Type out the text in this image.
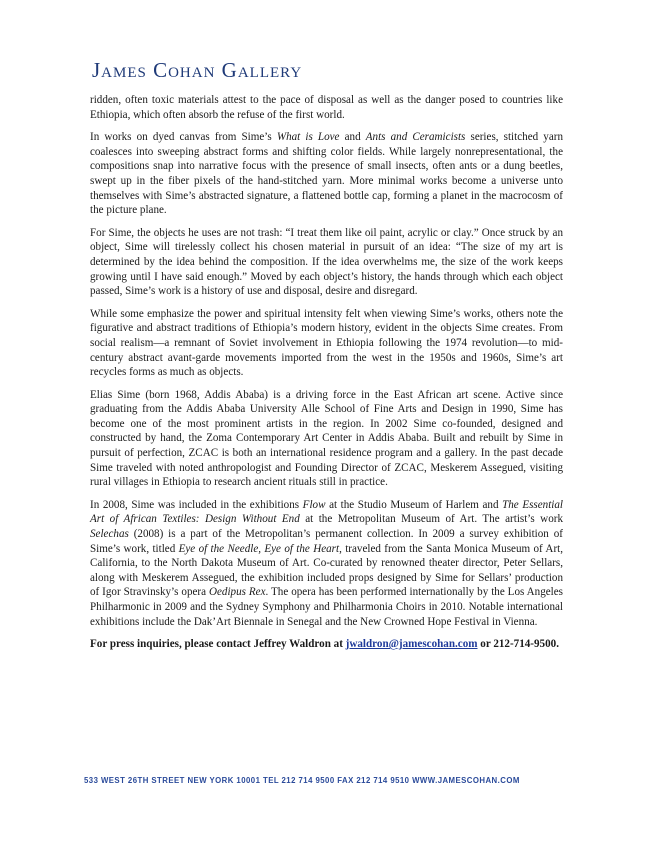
James Cohan Gallery

ridden, often toxic materials attest to the pace of disposal as well as the danger posed to countries like Ethiopia, which often absorb the refuse of the first world.

In works on dyed canvas from Sime’s What is Love and Ants and Ceramicists series, stitched yarn coalesces into sweeping abstract forms and shifting color fields. While largely nonrepresentational, the compositions snap into narrative focus with the presence of small insects, often ants or a dung beetles, swept up in the fiber pixels of the hand-stitched yarn. More minimal works become a universe unto themselves with Sime’s abstracted signature, a flattened bottle cap, forming a planet in the macrocosm of the picture plane.

For Sime, the objects he uses are not trash: “I treat them like oil paint, acrylic or clay.” Once struck by an object, Sime will tirelessly collect his chosen material in pursuit of an idea: “The size of my art is determined by the idea behind the composition. If the idea overwhelms me, the size of the work keeps growing until I have said enough.” Moved by each object’s history, the hands through which each object passed, Sime’s work is a history of use and disposal, desire and disregard.

While some emphasize the power and spiritual intensity felt when viewing Sime’s works, others note the figurative and abstract traditions of Ethiopia’s modern history, evident in the objects Sime creates. From social realism—a remnant of Soviet involvement in Ethiopia following the 1974 revolution—to mid-century abstract avant-garde movements imported from the west in the 1950s and 1960s, Sime’s art recycles forms as much as objects.

Elias Sime (born 1968, Addis Ababa) is a driving force in the East African art scene. Active since graduating from the Addis Ababa University Alle School of Fine Arts and Design in 1990, Sime has become one of the most prominent artists in the region. In 2002 Sime co-founded, designed and constructed by hand, the Zoma Contemporary Art Center in Addis Ababa. Built and rebuilt by Sime in pursuit of perfection, ZCAC is both an international residence program and a gallery. In the past decade Sime traveled with noted anthropologist and Founding Director of ZCAC, Meskerem Assegued, visiting rural villages in Ethiopia to research ancient rituals still in practice.

In 2008, Sime was included in the exhibitions Flow at the Studio Museum of Harlem and The Essential Art of African Textiles: Design Without End at the Metropolitan Museum of Art. The artist’s work Selechas (2008) is a part of the Metropolitan’s permanent collection. In 2009 a survey exhibition of Sime’s work, titled Eye of the Needle, Eye of the Heart, traveled from the Santa Monica Museum of Art, California, to the North Dakota Museum of Art. Co-curated by renowned theater director, Peter Sellars, along with Meskerem Assegued, the exhibition included props designed by Sime for Sellars’ production of Igor Stravinsky’s opera Oedipus Rex. The opera has been performed internationally by the Los Angeles Philharmonic in 2009 and the Sydney Symphony and Philharmonia Choirs in 2010. Notable international exhibitions include the Dak’Art Biennale in Senegal and the New Crowned Hope Festival in Vienna.

For press inquiries, please contact Jeffrey Waldron at jwaldron@jamescohan.com or 212-714-9500.

533 WEST 26TH STREET NEW YORK 10001 TEL 212 714 9500 FAX 212 714 9510 WWW.JAMESCOHAN.COM
